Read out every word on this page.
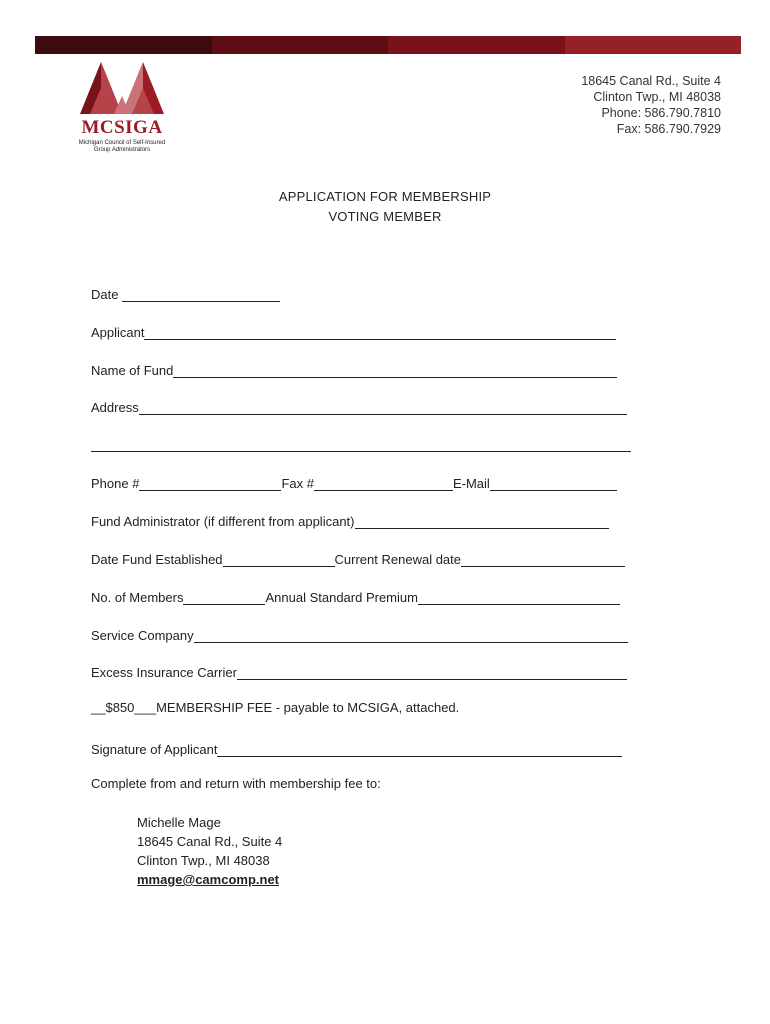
MCSIGA
Michigan Council of Self-Insured
Group Administrators
18645 Canal Rd., Suite 4
Clinton Twp., MI 48038
Phone: 586.790.7810
Fax: 586.790.7929
APPLICATION FOR MEMBERSHIP
VOTING MEMBER
Date
Applicant
Name of Fund
Address
Phone #	Fax #	E-Mail
Fund Administrator (if different from applicant)
Date Fund Established	Current Renewal date
No. of Members	Annual Standard Premium
Service Company
Excess Insurance Carrier
__$850___MEMBERSHIP FEE - payable to MCSIGA, attached.
Signature of Applicant
Complete from and return with membership fee to:
Michelle Mage
18645 Canal Rd., Suite 4
Clinton Twp., MI 48038
mmage@camcomp.net
